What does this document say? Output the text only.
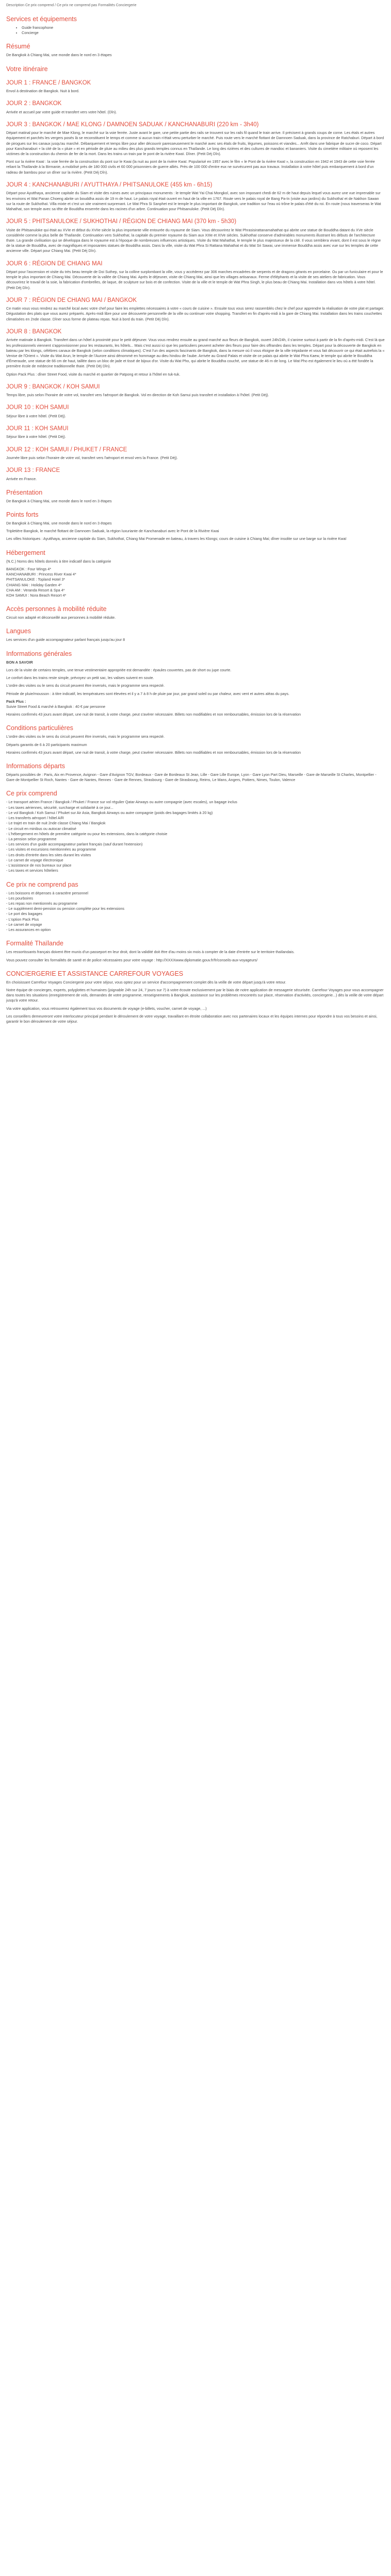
Description Ce prix comprend / Ce prix ne comprend pas Formalités Conciergerie

Services et équipements
• Guide francophone
• Concierge
Résumé

De Bangkok à Chiang Mai, une monde dans le nord en 3 étapes

Votre itinéraire
JOUR 1 : FRANCE / BANGKOK

Envol à destination de Bangkok. Nuit à bord.

JOUR 2 : BANGKOK

Arrivée et accueil par votre guide et transfert vers votre hôtel. (Dîn).

JOUR 3 : BANGKOK / MAE KLONG / DAMNOEN SADUAK / KANCHANABURI (220 km - 3h40)

Départ matinal pour le marché de Mae Klong, le marché sur la voie ferrée. Juste avant le gare, une petite partie des rails se trouvent sur les rails fil quand le train arrive. Il précisent à grands coups de corne. Les étals et autres équipement et parchés les vergers posés là se reconstituent le temps et comme si aucun train n'était venu perturber le marché. Puis route vers le marché flottant de Damnoen Saduak, dans la province de Ratchaburi. Départ à bord de pirogues sur les canaux jusqu'au marché. Débarquement et temps libre pour aller découvrir paresseusement le marché avec ses étals de fruits, légumes, poissons et viandes... Arrêt dans une fabrique de sucre de coco. Départ pour Kanchanaburi + la cité de la « pluie » et en période de pluie au milieu des plus grands temples connus en Thaïlande. Le long des rizières et des cultures de mandioc et bananiers. Visite du cimetière militaire où reposent les victimes de la construction du chemin de fer de la mort. Dans les trains un train par le pont de la rivière Kwaï. Dîner. (Petit Déj Dîn).

Pont sur la rivière Kwaï : la voie ferrée de la construction du pont sur le Kwai (la nuit au pont de la rivière Kwaï. Popularisé en 1957 avec le film « le Pont de la rivière Kwaï », la construction en 1942 et 1943 de cette voie ferrée reliant la Thaïlande à la Birmanie, a mobilisé près de 180 000 civils et 60 000 prisonniers de guerre alliés. Près de 100 000 d'entre eux ne survécurent pas aux travaux. Installation à votre hôtel puis embarquement à bord d'un radeau de bambou pour un dîner sur la rivière. (Petit Déj Dîn).

JOUR 4 : KANCHANABURI / AYUTTHAYA / PHITSANULOKE (455 km - 6h15)

Départ pour Ayutthaya, ancienne capitale du Siam et visite des ruines avec un principaux monuments : le temple Wat Yai Chai Mongkol, avec son imposant chedi de 62 m de haut depuis lequel vous aurez une vue imprenable sur les environs et Wat Panan Choeng abrite un bouddha assis de 19 m de haut. Le palais royal était ouvert en haut de la ville en 1767. Route vers le palais royal de Bang Pa-In (visite aux jardins) du Sukhothaï et de Nakhon Sawan sur la route de Sukhothaï. Villa mixte et c'est un site vraiment surprenant. Le Wat Phra Si Sanphet est le temple le plus important de Bangkok, une tradition sur l'eau où trône le palais d'été du roi. En route (nous traverseras le Wat Mahathat, son temple avec sa tête de Bouddha enserrée dans les racines d'un arbre. Continuation pour Phitsanuloke. (Petit Déj Dîn).

JOUR 5 : PHITSANULOKE / SUKHOTHAI / RÉGION DE CHIANG MAI (370 km - 5h30)

Visite de Phitsanuloke qui était au XVIe et début du XVIIe siècle la plus importante ville entourée du royaume de Siam. Vous découvrirez le Wat Phrasisirattanamahathat qui abrite une statue de Bouddha datant du XVe siècle considérée comme la plus belle de Thaïlande. Continuation vers Sukhothaï, la capitale du premier royaume du Siam aux XIIIe et XIVe siècles. Sukhothaï conserve d'admirables monuments illustrant les débuts de l'architecture thaïe. La grande civilisation qui se développa dans le royaume est à l'époque de nombreuses influences artistiques. Visite du Wat Mahathat, le temple le plus majestueux de la cité. Il vous semblera vivant, dont il est sous le règne de la statue de Bouddha, avec de magnifiques et imposantes statues de Bouddha assis. Dans la ville, visite du Wat Phra Si Rattana Mahathat et du Wat Sri Sawai, une immense Bouddha assis avec vue sur les temples de cette ancienne ville. Départ pour Chiang Mai. (Petit Déj Dîn).

JOUR 6 : RÉGION DE CHIANG MAI

Départ pour l'ascension et visite du très beau temple de Doi Suthep, sur la colline surplombant la ville, vous y accéderez par 306 marches encadrées de serpents et de dragons géants en porcelaine. Ou par un funiculaire et pour le temple le plus important de Chiang Mai. Découverte de la vallée de Chiang Mai. Après le déjeuner, visite de Chiang Mai, ainsi que les villages artisanaux. Ferme d'éléphants et la visite de ses ateliers de fabrication. Vous découvrirez le travail de la soie, la fabrication d'ombrelles, de laque, de sculpture sur bois et de confection. Visite de la ville et le temple de Wat Phra Singh, le plus beau de Chiang Mai. Installation dans vos hôtels à votre hôtel. (Petit Déj Dîn).

JOUR 7 : RÉGION DE CHIANG MAI / BANGKOK

Ce matin vous vous rendrez au marché local avec votre chef pour faire les emplettes nécessaires à votre « cours de cuisine ». Ensuite tous vous serez rassemblés chez le chef pour apprendre la réalisation de votre plat et partager. Dégustation des plats que vous aurez préparés. Après-midi libre pour une découverte personnelle de la ville ou continuer votre shopping. Transfert en fin d'après-midi à la gare de Chiang Mai. Installation dans les trains couchettes climatisées en 2nde classe. Dîner sous forme de plateau repas. Nuit à bord du train. (Petit Déj Dîn).

JOUR 8 : BANGKOK

Arrivée matinale à Bangkok. Transfert dans un hôtel à proximité pour le petit déjeuner. Vous vous rendrez ensuite au grand marché aux fleurs de Bangkok, ouvert 24h/24h, il s'anime surtout à partir de la fin d'après-midi. C'est là que les professionnels viennent s'approvisionner pour les restaurants, les hôtels... Mais c'est aussi ici que les particuliers peuvent acheter des fleurs pour faire des offrandes dans les temples. Départ pour la découverte de Bangkok en bateau par les klongs, célèbres canaux de Bangkok (selon conditions climatiques). C'est l'un des aspects fascinants de Bangkok, dans la mesure où il vous éloigne de la ville trépidante et vous fait découvrir ce qui était autrefois la « Venise de l'Orient ». Visite du Wat Arun, le temple de l'Aurore ainsi dénommé en hommage au dieu hindou de l'aube. Arrivée au Grand Palais et visite de ce palais qui abrite le Wat Phra Kaew, le temple qui abrite le Bouddha d'Émeraude, une statue de 66 cm de haut, taillée dans un bloc de jade et tissé de bijoux d'or. Visite du Wat Pho, qui abrite le Bouddha couché, une statue de 46 m de long. Le Wat Pho est également le lieu où a été fondée la première école de médecine traditionnelle thaïe. (Petit Déj Dîn).

Option Pack Plus : dîner Street Food, visite du marché et quartier de Patpong et retour à l'hôtel en tuk-tuk.

JOUR 9 : BANGKOK / KOH SAMUI

Temps libre, puis selon l'horaire de votre vol, transfert vers l'aéroport de Bangkok. Vol en direction de Koh Samui puis transfert et installation à l'hôtel. (Petit Déj).

JOUR 10 : KOH SAMUI

Séjour libre à votre hôtel. (Petit Déj).

JOUR 11 : KOH SAMUI

Séjour libre à votre hôtel. (Petit Déj).

JOUR 12 : KOH SAMUI / PHUKET / FRANCE

Journée libre puis selon l'horaire de votre vol, transfert vers l'aéroport et envol vers la France. (Petit Déj).

JOUR 13 : FRANCE

Arrivée en France.

Présentation

De Bangkok à Chiang Mai, une monde dans le nord en 3 étapes

Points forts

De Bangkok à Chiang Mai, une monde dans le nord en 3 étapes

Tripletière Bangkok, le marché flottant de Damnoen Saduak, la région luxuriante de Kanchanaburi avec le Pont de la Rivière Kwai

Les villes historiques : Ayutthaya, ancienne capitale du Siam, Sukhothaï, Chiang Mai Promenade en bateau, à travers les Klongs; cours de cuisine à Chiang Mai; dîner insolite sur une barge sur la rivière Kwaï

Hébergement

(N.C.) Noms des hôtels donnés à titre indicatif dans la catégorie

BANGKOK : Four Wings 4*
KANCHANABURI : Princess River Kwai 4*
PHITSANULOKE : Topland Hotel 3*
CHIANG MAI : Holiday Garden 4*
CHA AM : Veranda Resort & Spa 4*
KOH SAMUI : Nora Beach Resort 4*
Accès personnes à mobilité réduite

Circuit non adapté et déconseillé aux personnes à mobilité réduite.

Langues

Les services d'un guide accompagnateur parlant français jusqu'au jour 8

Informations générales

BON A SAVOIR

Lors de la visite de certains temples, une tenue vestimentaire appropriée est demandée : épaules couvertes, pas de short ou jupe courte.

Le confort dans les trains reste simple, prévoyez un petit sac, les valises suivent en soute.

L'ordre des visites ou le sens du circuit peuvent être inversés, mais le programme sera respecté.

Période de pluie/mousson : à titre indicatif, les températures sont élevées et il y a 7 à 8 h de pluie par jour, par grand soleil ou par chaleur, avec vent et autres aléas du pays.

Pack Plus :

Suivie Street Food & marché à Bangkok : 40 € par personne

Horaires confirmés 43 jours avant départ, une nuit de transit, à votre charge, peut s'avérer nécessaire. Billets non modifiables et non remboursables, émission lors de la réservation

Conditions particulières

L'ordre des visites ou le sens du circuit peuvent être inversés, mais le programme sera respecté.

Départs garantis de 6 à 20 participants maximum

Horaires confirmés 43 jours avant départ, une nuit de transit, à votre charge, peut s'avérer nécessaire. Billets non modifiables et non remboursables, émission lors de la réservation

Informations départs

Départs possibles de : Paris, Aix en Provence, Avignon - Gare d'Avignon TGV, Bordeaux - Gare de Bordeaux St Jean, Lille - Gare Lille Europe, Lyon - Gare Lyon Part Dieu, Marseille - Gare de Marseille St Charles, Montpellier - Gare de Montpellier St Roch, Nantes - Gare de Nantes, Rennes - Gare de Rennes, Strasbourg - Gare de Strasbourg, Reims, Le Mans, Angers, Poitiers, Nimes, Toulon, Valence

Ce prix comprend
- Le transport aérien France / Bangkok / Phuket / France sur vol régulier Qatar Airways ou autre compagnie (avec escales), un bagage inclus
- Les taxes aériennes, sécurité, surcharge et solidarité à ce jour...
- Le vol Bangkok / Koh Samui / Phuket sur Air Asia, Bangkok Airways ou autre compagnie (poids des bagages limités à 20 kg)
- Les transferts aéroport / hôtel A/R
- Le trajet en train de nuit 2nde classe Chiang Mai / Bangkok
- Le circuit en minibus ou autocar climatisé
- L'hébergement en hôtels de première catégorie ou pour les extensions, dans la catégorie choisie
- La pension selon programme
- Les services d'un guide accompagnateur parlant français (sauf durant l'extension)
- Les visites et excursions mentionnées au programme
- Les droits d'entrée dans les sites durant les visites
- Le carnet de voyage électronique
- L'assistance de nos bureaux sur place
- Les taxes et services hôteliers
Ce prix ne comprend pas
- Les boissons et dépenses à caractère personnel
- Les pourboires
- Les repas non mentionnés au programme
- Le supplément demi-pension ou pension complète pour les extensions
- Le port des bagages
- L'option Pack Plus
- Le carnet de voyage
- Les assurances en option
Formalité Thaïlande

Les ressortissants français doivent être munis d'un passeport en leur droit, dont la validité doit être d'au moins six mois à compter de la date d'entrée sur le territoire thaïlandais.

Vous pouvez consulter les formalités de santé et de police nécessaires pour votre voyage : http://XXXXwww.diplomatie.gouv.fr/fr/conseils-aux-voyageurs/

CONCIERGERIE ET ASSISTANCE CARREFOUR VOYAGES

En choisissant Carrefour Voyages Conciergerie pour votre séjour, vous optez pour un service d'accompagnement complet dès la veille de votre départ jusqu'à votre retour.

Notre équipe de concierges, experts, polyglottes et humaines (joignable 24h sur 24, 7 jours sur 7) à votre écoute exclusivement par le biais de notre application de messagerie sécurisée. Carrefour Voyages pour vous accompagner dans toutes les situations (enregistrement de vols, demandes de votre programme, renseignements à Bangkok, assistance sur les problèmes rencontrés sur place, réservation d'activités, conciergerie...) dès la veille de votre départ jusqu'à votre retour.

Via votre application, vous retrouverez également tous vos documents de voyage (e-billets, voucher, carnet de voyage, ...)

Les conseillers demeureront votre interlocuteur principal pendant le déroulement de votre voyage, travaillant en étroite collaboration avec nos partenaires locaux et les équipes internes pour répondre à tous vos besoins et ainsi, garantir le bon déroulement de votre séjour.
